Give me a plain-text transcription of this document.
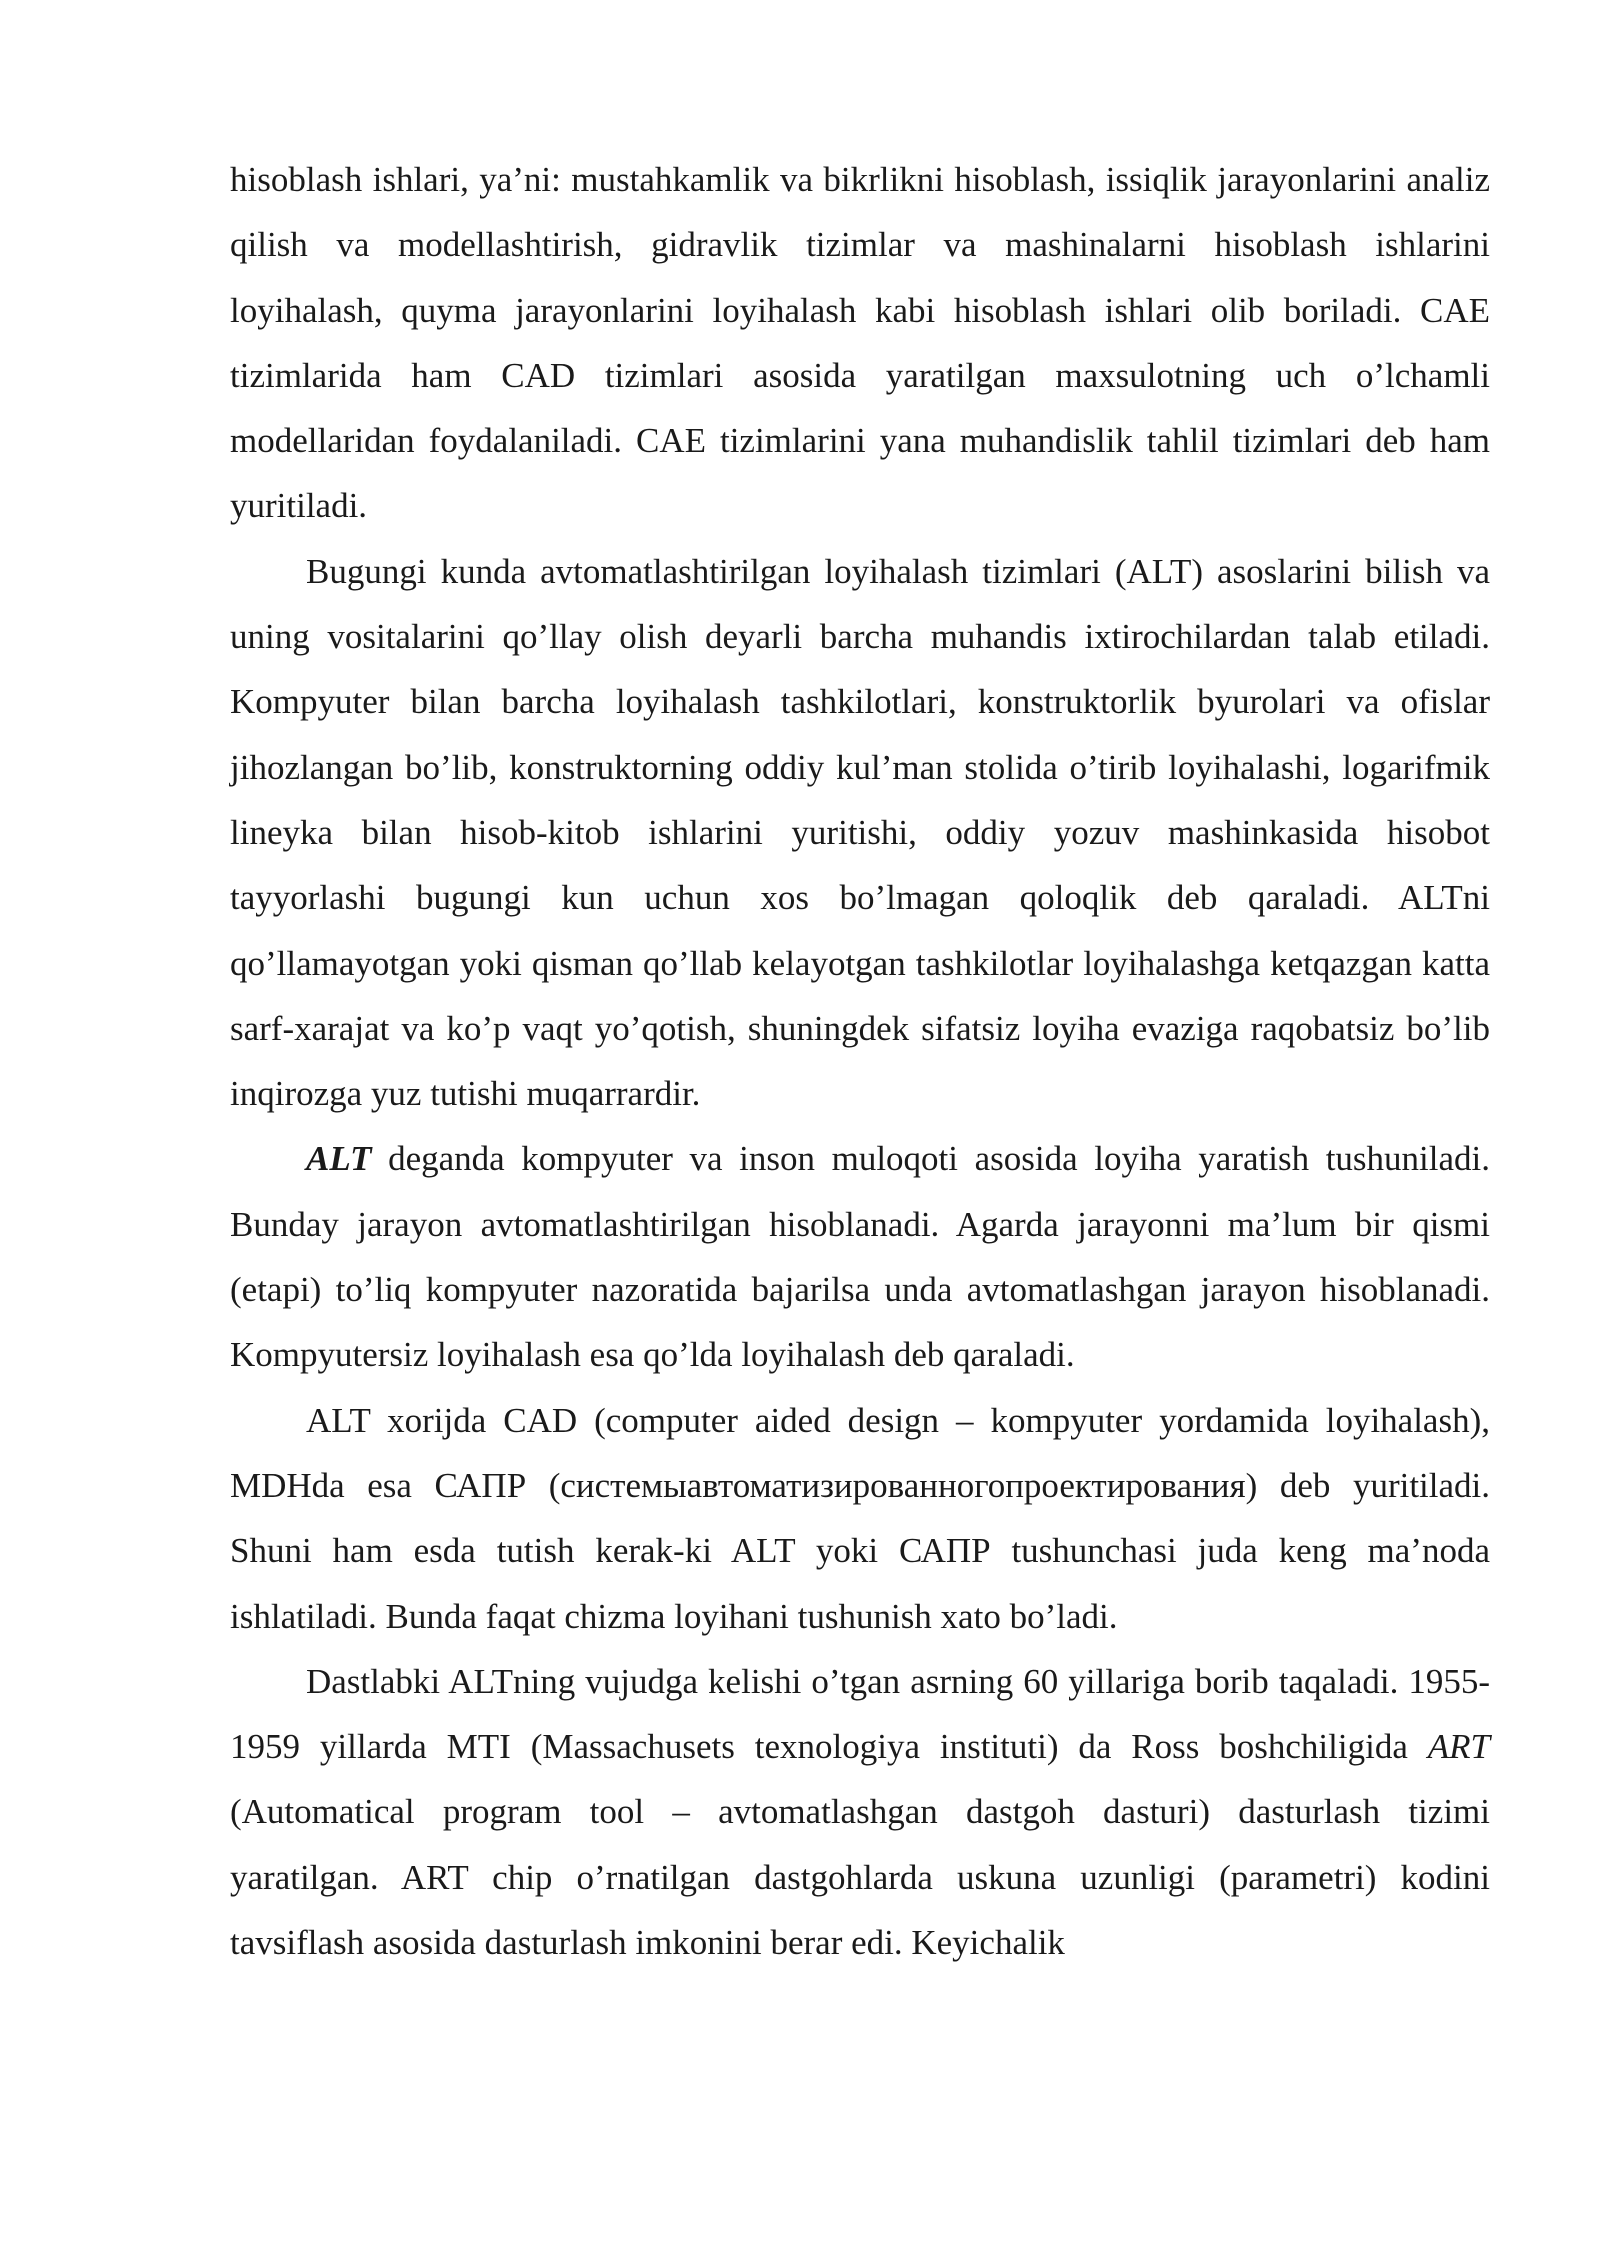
hisoblash ishlari, ya’ni: mustahkamlik va bikrlikni hisoblash, issiqlik jarayonlarini analiz qilish va modellashtirish, gidravlik tizimlar va mashinalarni hisoblash ishlarini loyihalash, quyma jarayonlarini loyihalash kabi hisoblash ishlari olib boriladi. CAE tizimlarida ham CAD tizimlari asosida yaratilgan maxsulotning uch o’lchamli modellaridan foydalaniladi. CAE tizimlarini yana muhandislik tahlil tizimlari deb ham yuritiladi.

Bugungi kunda avtomatlashtirilgan loyihalash tizimlari (ALT) asoslarini bilish va uning vositalarini qo’llay olish deyarli barcha muhandis ixtirochilardan talab etiladi. Kompyuter bilan barcha loyihalash tashkilotlari, konstruktorlik byurolari va ofislar jihozlangan bo’lib, konstruktorning oddiy kul’man stolida o’tirib loyihalashi, logarifmik lineyka bilan hisob-kitob ishlarini yuritishi, oddiy yozuv mashinkasida hisobot tayyorlashi bugungi kun uchun xos bo’lmagan qoloqlik deb qaraladi. ALTni qo’llamayotgan yoki qisman qo’llab kelayotgan tashkilotlar loyihalashga ketqazgan katta sarf-xarajat va ko’p vaqt yo’qotish, shuningdek sifatsiz loyiha evaziga raqobatsiz bo’lib inqirozga yuz tutishi muqarrardir.

ALT deganda kompyuter va inson muloqoti asosida loyiha yaratish tushuniladi. Bunday jarayon avtomatlashtirilgan hisoblanadi. Agarda jarayonni ma’lum bir qismi (etapi) to’liq kompyuter nazoratida bajarilsa unda avtomatlashgan jarayon hisoblanadi. Kompyutersiz loyihalash esa qo’lda loyihalash deb qaraladi.

ALT xorijda CAD (computer aided design – kompyuter yordamida loyihalash), MDHda esa САПР (системыавтоматизированногопроектирования) deb yuritiladi. Shuni ham esda tutish kerak-ki ALT yoki САПР tushunchasi juda keng ma’noda ishlatiladi. Bunda faqat chizma loyihani tushunish xato bo’ladi.

Dastlabki ALTning vujudga kelishi o’tgan asrning 60 yillariga borib taqaladi. 1955-1959 yillarda MTI (Massachusets texnologiya instituti) da Ross boshchiligida ART (Automatical program tool – avtomatlashgan dastgoh dasturi) dasturlash tizimi yaratilgan. ART chip o’rnatilgan dastgohlarda uskuna uzunligi (parametri) kodini tavsiflash asosida dasturlash imkonini berar edi. Keyichalik
